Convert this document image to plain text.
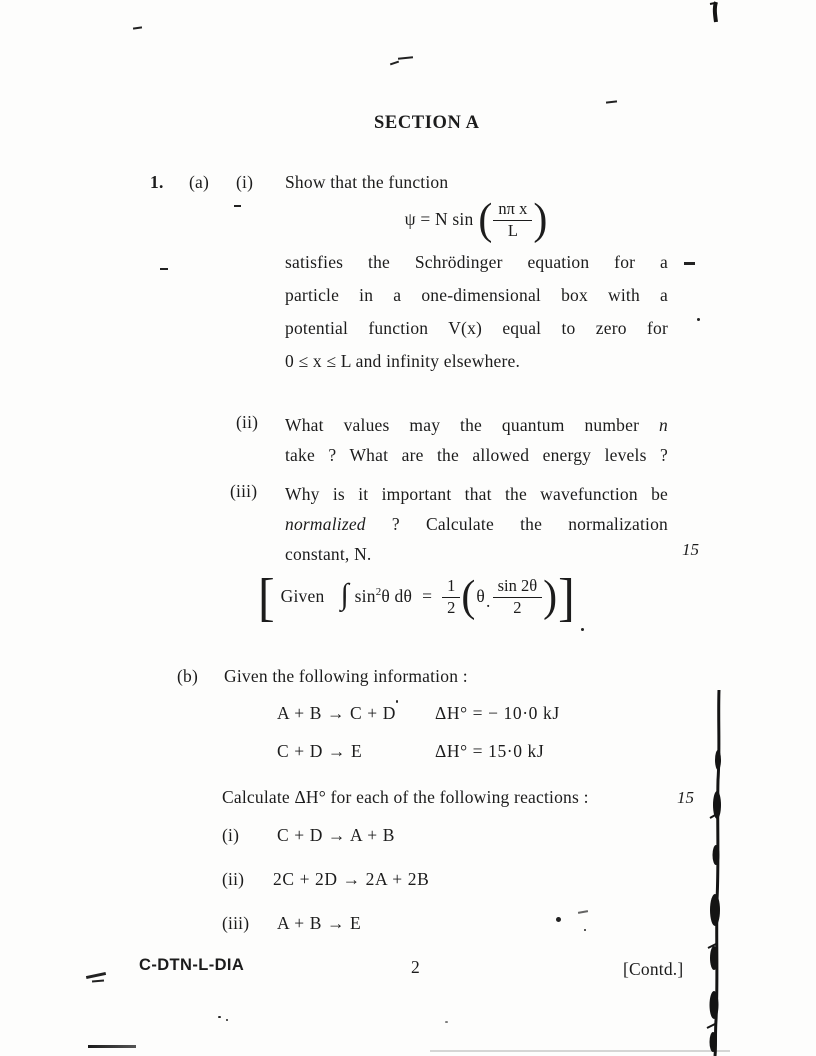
SECTION A
1. (a) (i) Show that the function
ψ = N sin ( $\frac{\text{nπ x}}{L}$ )
satisfies the Schrödinger equation for a
particle in a one-dimensional box with a
potential function V(x) equal to zero for
0 ≤ x ≤ L and infinity elsewhere.
(ii) What values may the quantum number n
take ? What are the allowed energy levels ?
(iii) Why is it important that the wavefunction be
normalized ? Calculate the normalization
constant, N.	15
[ Given ∫ $\sin^2\theta$ $d\theta = \frac{1}{2}$ ( θ . $\frac{\sin 2\theta}{2}$ ) ]
(b) Given the following information :
A + B → C + D ΔH° = − 10·0 kJ
C + D → E	ΔH° = 15·0 kJ
Calculate ΔH° for each of the following reactions :	15
(i) C + D → A + B
(ii) 2C + 2D → 2A + 2B
(iii) A + B → E
C-DTN-L-DIA	2	[Contd.]
